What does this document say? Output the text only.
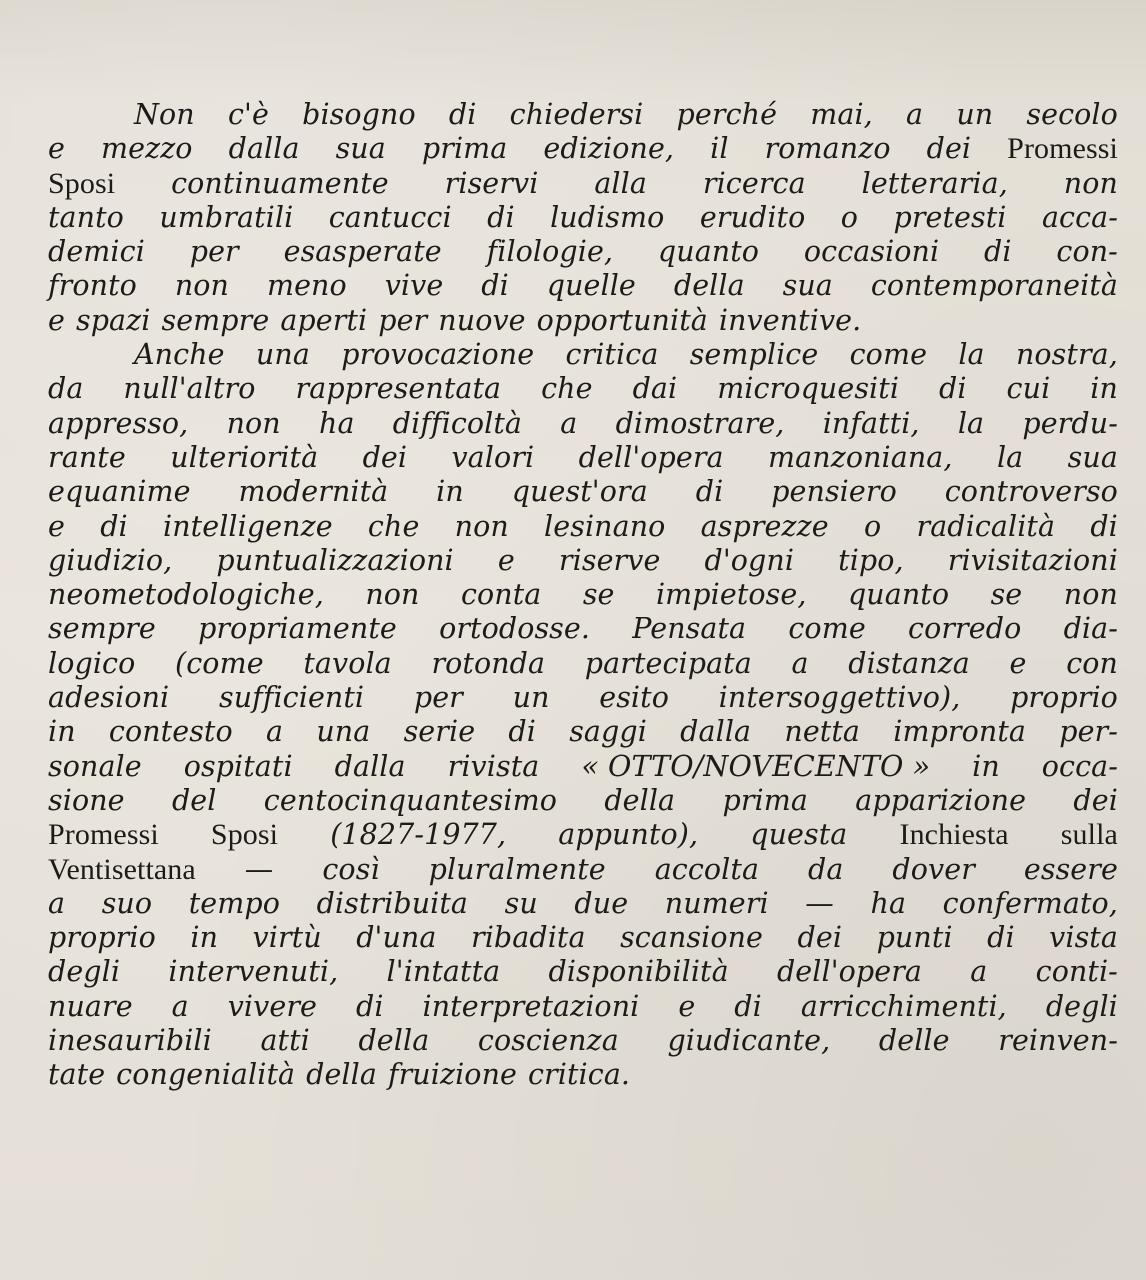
Non c'è bisogno di chiedersi perché mai, a un secolo
e mezzo dalla sua prima edizione, il romanzo dei Promessi
Sposi continuamente riservi alla ricerca letteraria, non
tanto umbratili cantucci di ludismo erudito o pretesti acca-
demici per esasperate filologie, quanto occasioni di con-
fronto non meno vive di quelle della sua contemporaneità
e spazi sempre aperti per nuove opportunità inventive.
Anche una provocazione critica semplice come la nostra,
da null'altro rappresentata che dai microquesiti di cui in
appresso, non ha difficoltà a dimostrare, infatti, la perdu-
rante ulteriorità dei valori dell'opera manzoniana, la sua
equanime modernità in quest'ora di pensiero controverso
e di intelligenze che non lesinano asprezze o radicalità di
giudizio, puntualizzazioni e riserve d'ogni tipo, rivisitazioni
neometodologiche, non conta se impietose, quanto se non
sempre propriamente ortodosse. Pensata come corredo dia-
logico (come tavola rotonda partecipata a distanza e con
adesioni sufficienti per un esito intersoggettivo), proprio
in contesto a una serie di saggi dalla netta impronta per-
sonale ospitati dalla rivista « OTTO/NOVECENTO » in occa-
sione del centocinquantesimo della prima apparizione dei
Promessi Sposi (1827-1977, appunto), questa Inchiesta sulla
Ventisettana — così pluralmente accolta da dover essere
a suo tempo distribuita su due numeri — ha confermato,
proprio in virtù d'una ribadita scansione dei punti di vista
degli intervenuti, l'intatta disponibilità dell'opera a conti-
nuare a vivere di interpretazioni e di arricchimenti, degli
inesauribili atti della coscienza giudicante, delle reinven-
tate congenialità della fruizione critica.
